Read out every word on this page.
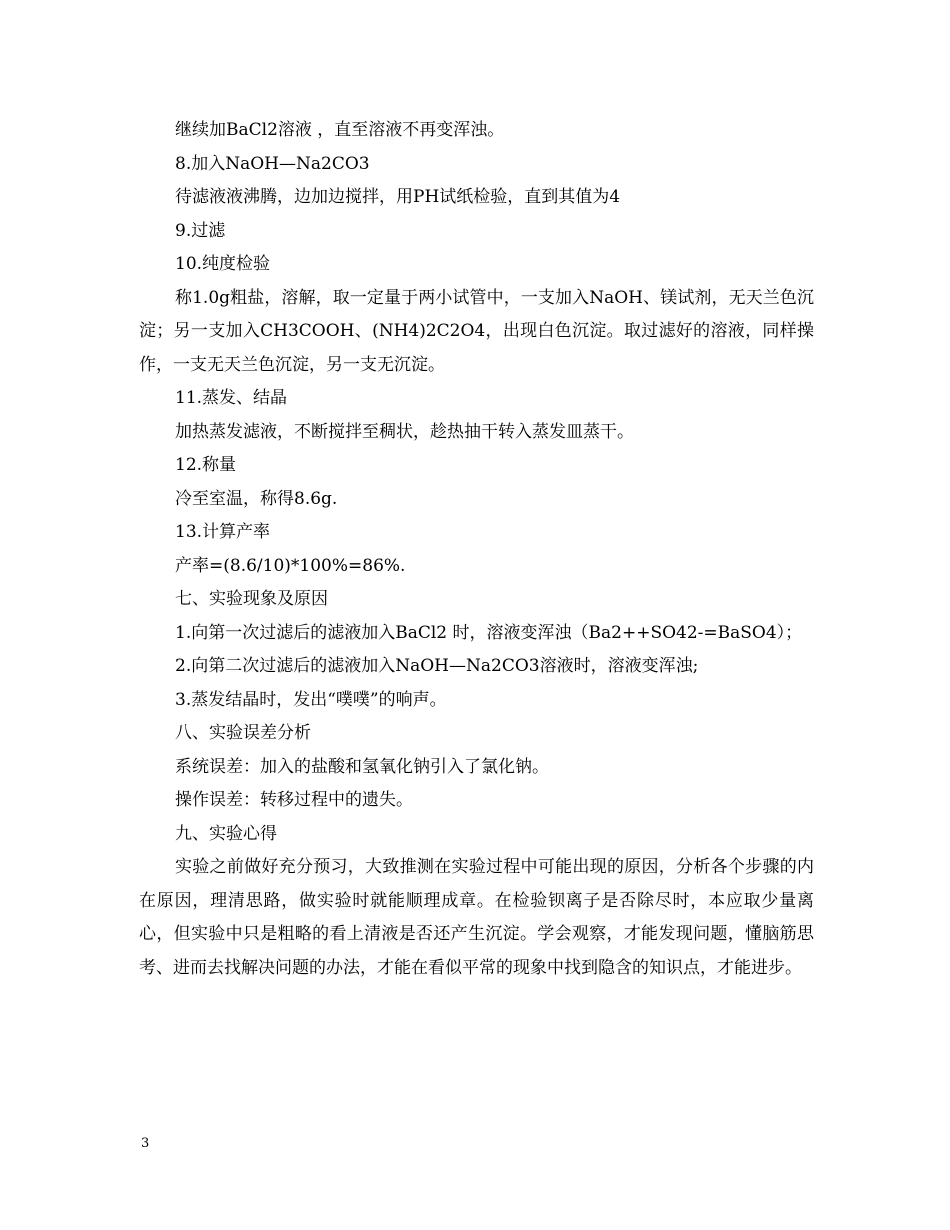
继续加BaCl2溶液 ，直至溶液不再变浑浊。

8.加入NaOH—Na2CO3

待滤液液沸腾，边加边搅拌，用PH试纸检验，直到其值为4

9.过滤

10.纯度检验

称1.0g粗盐，溶解，取一定量于两小试管中，一支加入NaOH、镁试剂，无天兰色沉淀；另一支加入CH3COOH、(NH4)2C2O4，出现白色沉淀。取过滤好的溶液，同样操作，一支无天兰色沉淀，另一支无沉淀。

11.蒸发、结晶

加热蒸发滤液，不断搅拌至稠状，趁热抽干转入蒸发皿蒸干。

12.称量

冷至室温，称得8.6g.

13.计算产率

产率=(8.6/10)*100%=86%.

七、实验现象及原因

1.向第一次过滤后的滤液加入BaCl2 时，溶液变浑浊（Ba2++SO42-=BaSO4）；

2.向第二次过滤后的滤液加入NaOH—Na2CO3溶液时，溶液变浑浊;

3.蒸发结晶时，发出“噗噗”的响声。

八、实验误差分析

系统误差：加入的盐酸和氢氧化钠引入了氯化钠。

操作误差：转移过程中的遗失。

九、实验心得

实验之前做好充分预习，大致推测在实验过程中可能出现的原因，分析各个步骤的内在原因，理清思路，做实验时就能顺理成章。在检验钡离子是否除尽时，本应取少量离心，但实验中只是粗略的看上清液是否还产生沉淀。学会观察，才能发现问题，懂脑筋思考、进而去找解决问题的办法，才能在看似平常的现象中找到隐含的知识点，才能进步。

3
